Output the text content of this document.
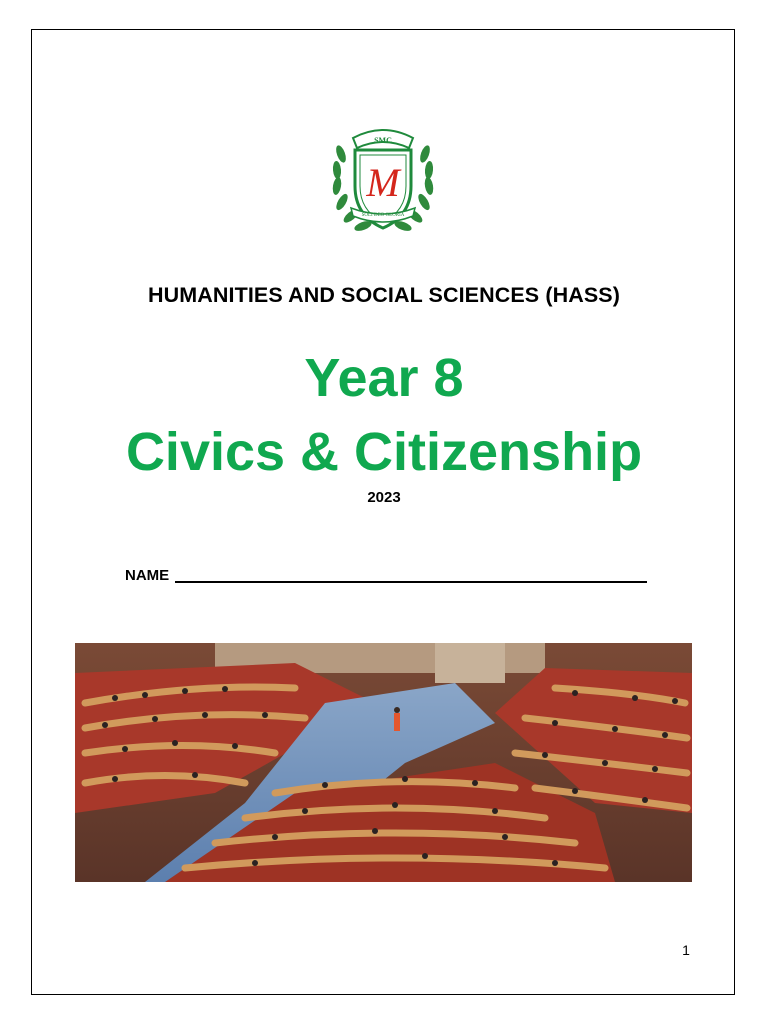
SMC
M
SOLI DEO GLORIA
HUMANITIES AND SOCIAL SCIENCES (HASS)
Year 8
Civics & Citizenship
2023
NAME
1
